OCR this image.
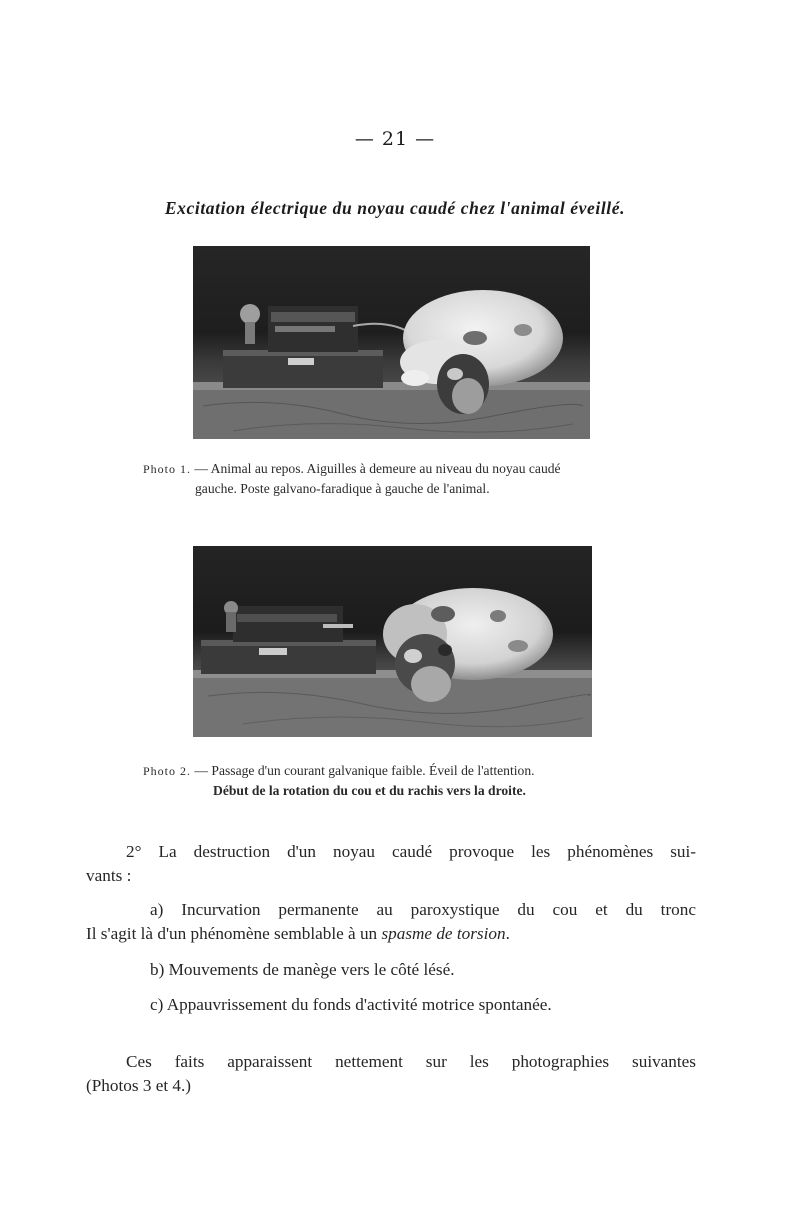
— 21 —
Excitation électrique du noyau caudé chez l'animal éveillé.
Photo 1. — Animal au repos. Aiguilles à demeure au niveau du noyau caudé
gauche. Poste galvano-faradique à gauche de l'animal.
Photo 2. — Passage d'un courant galvanique faible. Éveil de l'attention.
Début de la rotation du cou et du rachis vers la droite.
2° La destruction d'un noyau caudé provoque les phénomènes sui-
vants :
a) Incurvation permanente au paroxystique du cou et du tronc
Il s'agit là d'un phénomène semblable à un spasme de torsion.
b) Mouvements de manège vers le côté lésé.
c) Appauvrissement du fonds d'activité motrice spontanée.
Ces faits apparaissent nettement sur les photographies suivantes
(Photos 3 et 4.)
